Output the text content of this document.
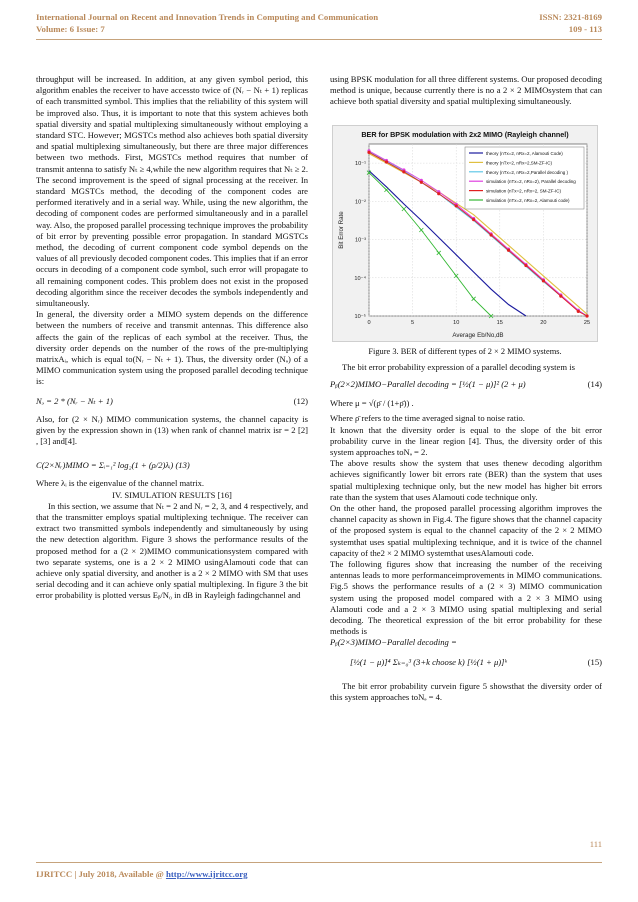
International Journal on Recent and Innovation Trends in Computing and Communication	ISSN: 2321-8169
Volume: 6 Issue: 7	109 - 113

throughput will be increased. In addition, at any given symbol period, this algorithm enables the receiver to have accessto twice of (Nᵣ − Nₜ + 1) replicas of each transmitted symbol. This implies that the reliability of this system will be improved also. Thus, it is important to note that this system achieves both spatial diversity and spatial multiplexing simultaneously without employing a standard STC. However; MGSTCs method also achieves both spatial diversity and spatial multiplexing simultaneously, but there are three major differences between two methods. First, MGSTCs method requires that number of transmit antenna to satisfy Nₜ ≥ 4,while the new algorithm requires that Nₜ ≥ 2. The second improvement is the speed of signal processing at the receiver. In standard MGSTCs method, the decoding of the component codes are performed iteratively and in a serial way. While, using the new algorithm, the decoding of component codes are performed simultaneously and in a parallel way. Also, the proposed parallel processing technique improves the probability of bit error by preventing possible error propagation. In standard MGSTCs method, the decoding of current component code symbol depends on the values of all previously decoded component codes. This implies that if an error occurs in decoding of a component code symbol, such error will propagate to all remaining component codes. This problem does not exist in the proposed decoding algorithm since the receiver decodes the symbols independently and simultaneously.

In general, the diversity order a MIMO system depends on the difference between the numbers of receive and transmit antennas. This difference also affects the gain of the replicas of each symbol at the receiver. Thus, the diversity order depends on the number of the rows of the pre-multiplying matrixAᵢ, which is equal to(Nᵣ − Nₜ + 1). Thus, the diversity order (Nₔ) of a MIMO communication system using the proposed parallel decoding technique is:

Nₔ = 2 * (Nᵣ − Nₜ + 1)	(12)

Also, for (2 × Nᵣ) MIMO communication systems, the channel capacity is given by the expression shown in (13) when rank of channel matrix isr = 2 [2] , [3] and[4].

C(2×Nᵣ)MIMO = Σᵢ₌₁² log₂(1 + (ρ/2)λᵢ) (13)

Where λᵢ is the eigenvalue of the channel matrix.

IV. SIMULATION RESULTS [16]

In this section, we assume that Nₜ = 2 and Nᵣ = 2, 3, and 4 respectively, and that the transmitter employs spatial multiplexing technique. The receiver can extract two transmitted symbols independently and simultaneously by using the new detection algorithm. Figure 3 shows the performance results of the proposed method for a (2 × 2)MIMO communicationsystem compared with two separate systems, one is a 2 × 2 MIMO usingAlamouti code that can achieve only spatial diversity, and another is a 2 × 2 MIMO with SM that uses serial decoding and it can achieve only spatial multiplexing. In figure 3 the bit error probability is plotted versus Eᵦ/N₀ in dB in Rayleigh fadingchannel and

using BPSK modulation for all three different systems. Our proposed decoding method is unique, because currently there is no a 2 × 2 MIMOsystem that can achieve both spatial diversity and spatial multiplexing simultaneously.

BER for BPSK modulation with 2x2 MIMO (Rayleigh channel)
0	5	10	15	20	25
10⁻⁵
10⁻⁴
10⁻³
10⁻²
10⁻¹
Average Eb/No,dB
Bit Error Rate
theory (nTx=2, nRx=2, Alamouti Code)
theory (nTx=2, nRx=2,SM-ZF-IC)
theory (nTx=2, nRx=2,Parallel decoding )
simulation (nTx=2, nRx=2), Parallel decoding
simulation (nTx=2, nRx=2, SM-ZF-IC)
simulation (nTx=2, nRx=2, Alamouti code)
Figure 3. BER of different types of 2 × 2 MIMO systems.

The bit error probability expression of a parallel decoding system is

Pᵦ(2×2)MIMO−Parallel decoding = [½(1 − μ)]² (2 + μ)	(14)

Where μ = √(ρ̄ / (1+ρ̄)) .

Where ρ̄ refers to the time averaged signal to noise ratio.

It known that the diversity order is equal to the slope of the bit error probability curve in the linear region [4]. Thus, the diversity order of this system approaches toNₔ = 2.

The above results show the system that uses thenew decoding algorithm achieves significantly lower bit errors rate (BER) than the system that uses spatial multiplexing technique only, but the new model has higher bit errors rate than the system that uses Alamouti code technique only.

On the other hand, the proposed parallel processing algorithm improves the channel capacity as shown in Fig.4. The figure shows that the channel capacity of the proposed system is equal to the channel capacity of the 2 × 2 MIMO systemthat uses spatial multiplexing technique, and it is twice of the channel capacity of the2 × 2 MIMO systemthat usesAlamouti code.

The following figures show that increasing the number of the receiving antennas leads to more performanceimprovements in MIMO communications. Fig.5 shows the performance results of a (2 × 3) MIMO communication system using the proposed model compared with a 2 × 3 MIMO using Alamouti code and a 2 × 3 MIMO using spatial multiplexing and serial decoding. The theoretical expression of the bit error probability for these methods is

Pᵦ(2×3)MIMO−Parallel decoding =

[½(1 − μ)]⁴ Σₖ₌₀³ (3+k choose k) [½(1 + μ)]ᵏ	(15)

The bit error probability curvein figure 5 showsthat the diversity order of this system approaches toNₔ = 4.

111
IJRITCC | July 2018, Available @ http://www.ijritcc.org
